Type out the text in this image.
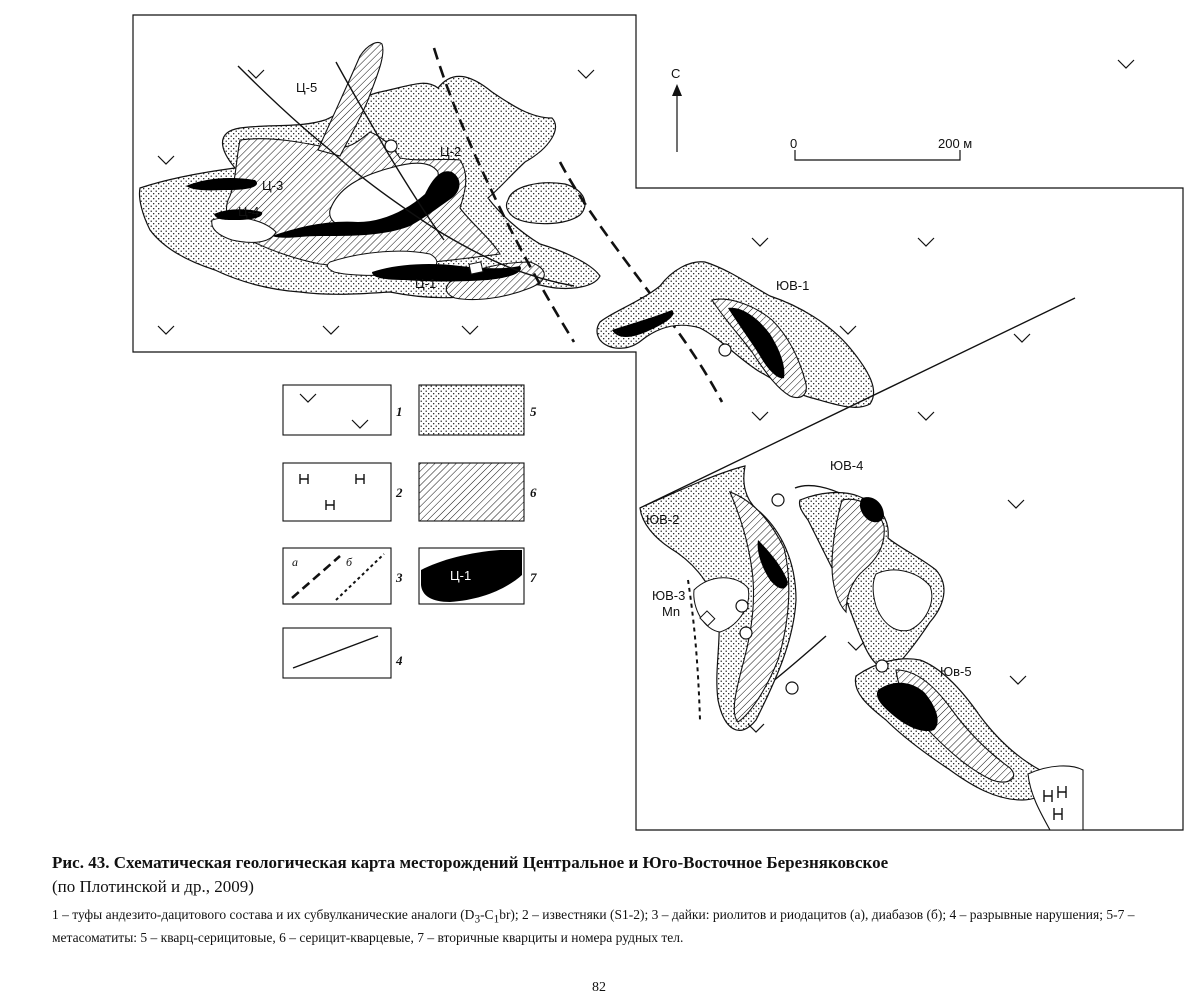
С
0	200 м
Ц-5
Ц-2
Ц-3
Ц-4
Ц-1	ЮВ-1
ЮВ-4
ЮВ-2
ЮВ-3
Mn
Юв-5
1
2
а	б
3
4
5
6
Ц-1	7
Рис. 43. Схематическая геологическая карта месторождений Центральное и Юго-Восточное Березняковское
(по Плотинской и др., 2009)
1 – туфы андезито-дацитового состава и их субвулканические аналоги $(D_3-C_1br)$; 2 – известняки (S1-2); 3 – дайки: риолитов и риодацитов (а), диабазов (б); 4 – разрывные нарушения; 5-7 – метасоматиты: 5 – кварц-серицитовые, 6 – серицит-кварцевые, 7 – вторичные кварциты и номера рудных тел.
82
